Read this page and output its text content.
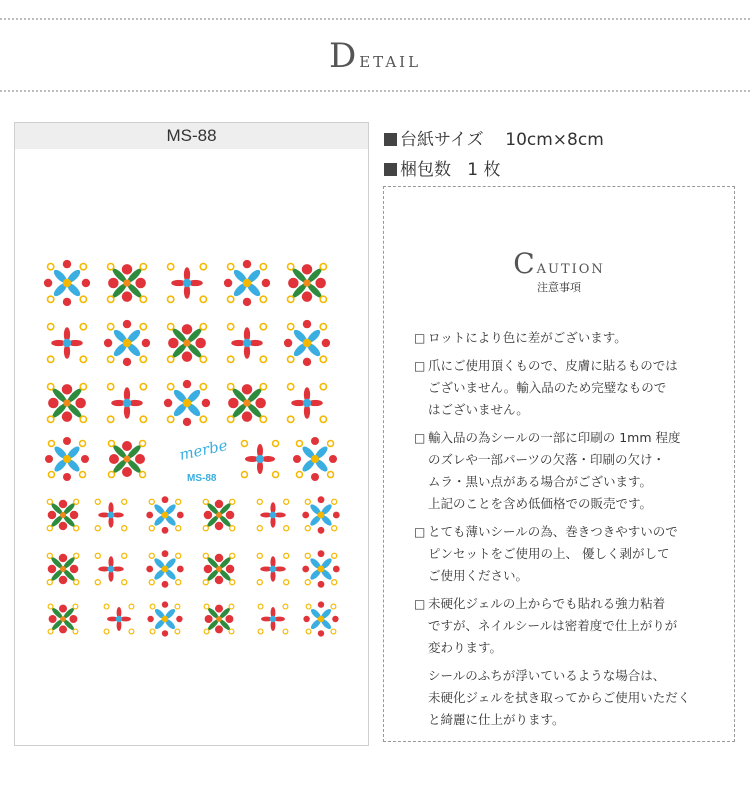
Detail
MS-88
merbe
MS-88
台紙サイズ 10cm×8cm
梱包数 1 枚
Caution
注意事項
□ ロットにより色に差がございます。
□ 爪にご使用頂くもので、皮膚に貼るものでは
ございません。輸入品のため完璧なもので
はございません。
□ 輸入品の為シールの一部に印刷の 1mm 程度
のズレや一部パーツの欠落・印刷の欠け・
ムラ・黒い点がある場合がございます。
上記のことを含め低価格での販売です。
□ とても薄いシールの為、巻きつきやすいので
ピンセットをご使用の上、 優しく剥がして
ご使用ください。
□ 未硬化ジェルの上からでも貼れる強力粘着
ですが、ネイルシールは密着度で仕上がりが
変わります。
シールのふちが浮いているような場合は、
未硬化ジェルを拭き取ってからご使用いただく
と綺麗に仕上がります。
